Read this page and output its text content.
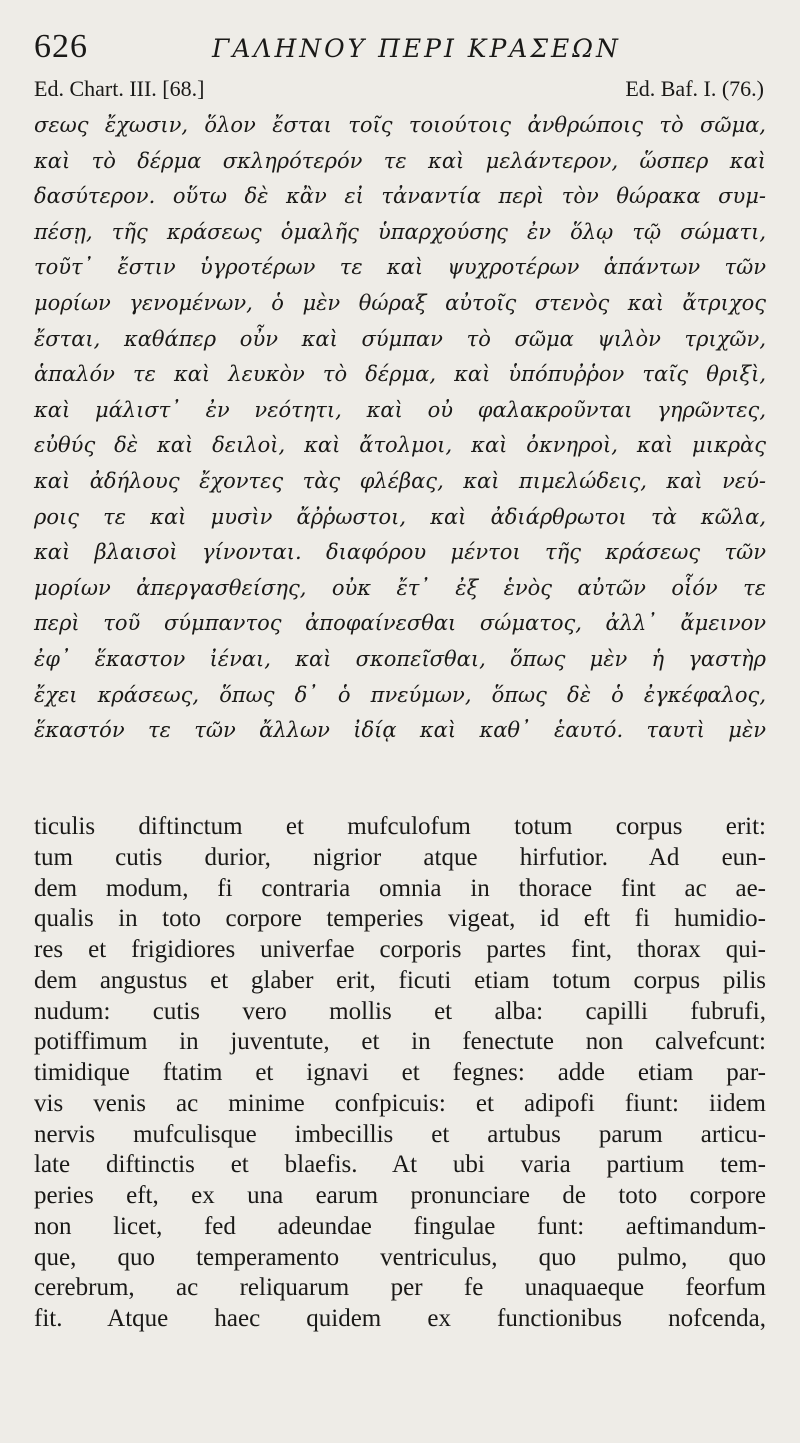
626	ΓΑΛΗΝΟΥ ΠΕΡΙ ΚΡΑΣΕΩΝ
Ed. Chart. III. [68.]	Ed. Baf. I. (76.)
σεως ἔχωσιν, ὅλον ἔσται τοῖς τοιούτοις ἀνθρώποις τὸ σῶμα,
καὶ τὸ δέρμα σκληρότερόν τε καὶ μελάντερον, ὥσπερ καὶ
δασύτερον. οὕτω δὲ κἂν εἰ τἀναντία περὶ τὸν θώρακα συμ-
πέσῃ, τῆς κράσεως ὁμαλῆς ὑπαρχούσης ἐν ὅλῳ τῷ σώματι,
τοῦτ᾽ ἔστιν ὑγροτέρων τε καὶ ψυχροτέρων ἁπάντων τῶν
μορίων γενομένων, ὁ μὲν θώραξ αὐτοῖς στενὸς καὶ ἄτριχος
ἔσται, καθάπερ οὖν καὶ σύμπαν τὸ σῶμα ψιλὸν τριχῶν,
ἁπαλόν τε καὶ λευκὸν τὸ δέρμα, καὶ ὑπόπυῤῥον ταῖς θριξὶ,
καὶ μάλιστ᾽ ἐν νεότητι, καὶ οὐ φαλακροῦνται γηρῶντες,
εὐθύς δὲ καὶ δειλοὶ, καὶ ἄτολμοι, καὶ ὀκνηροὶ, καὶ μικρὰς
καὶ ἀδήλους ἔχοντες τὰς φλέβας, καὶ πιμελώδεις, καὶ νεύ-
ροις τε καὶ μυσὶν ἄῤῥωστοι, καὶ ἀδιάρθρωτοι τὰ κῶλα,
καὶ βλαισοὶ γίνονται. διαφόρου μέντοι τῆς κράσεως τῶν
μορίων ἀπεργασθείσης, οὐκ ἔτ᾽ ἐξ ἑνὸς αὐτῶν οἷόν τε
περὶ τοῦ σύμπαντος ἀποφαίνεσθαι σώματος, ἀλλ᾽ ἄμεινον
ἐφ᾽ ἕκαστον ἰέναι, καὶ σκοπεῖσθαι, ὅπως μὲν ἡ γαστὴρ
ἔχει κράσεως, ὅπως δ᾽ ὁ πνεύμων, ὅπως δὲ ὁ ἐγκέφαλος,
ἕκαστόν τε τῶν ἄλλων ἰδίᾳ καὶ καθ᾽ ἑαυτό. ταυτὶ μὲν
ticulis diftinctum et mufculofum totum corpus erit:
tum cutis durior, nigrior atque hirfutior. Ad eun-
dem modum, fi contraria omnia in thorace fint ac ae-
qualis in toto corpore temperies vigeat, id eft fi humidio-
res et frigidiores univerfae corporis partes fint, thorax qui-
dem angustus et glaber erit, ficuti etiam totum corpus pilis
nudum: cutis vero mollis et alba: capilli fubrufi,
potiffimum in juventute, et in fenectute non calvefcunt:
timidique ftatim et ignavi et fegnes: adde etiam par-
vis venis ac minime confpicuis: et adipofi fiunt: iidem
nervis mufculisque imbecillis et artubus parum articu-
late diftinctis et blaefis. At ubi varia partium tem-
peries eft, ex una earum pronunciare de toto corpore
non licet, fed adeundae fingulae funt: aeftimandum-
que, quo temperamento ventriculus, quo pulmo, quo
cerebrum, ac reliquarum per fe unaquaeque feorfum
fit. Atque haec quidem ex functionibus nofcenda,
